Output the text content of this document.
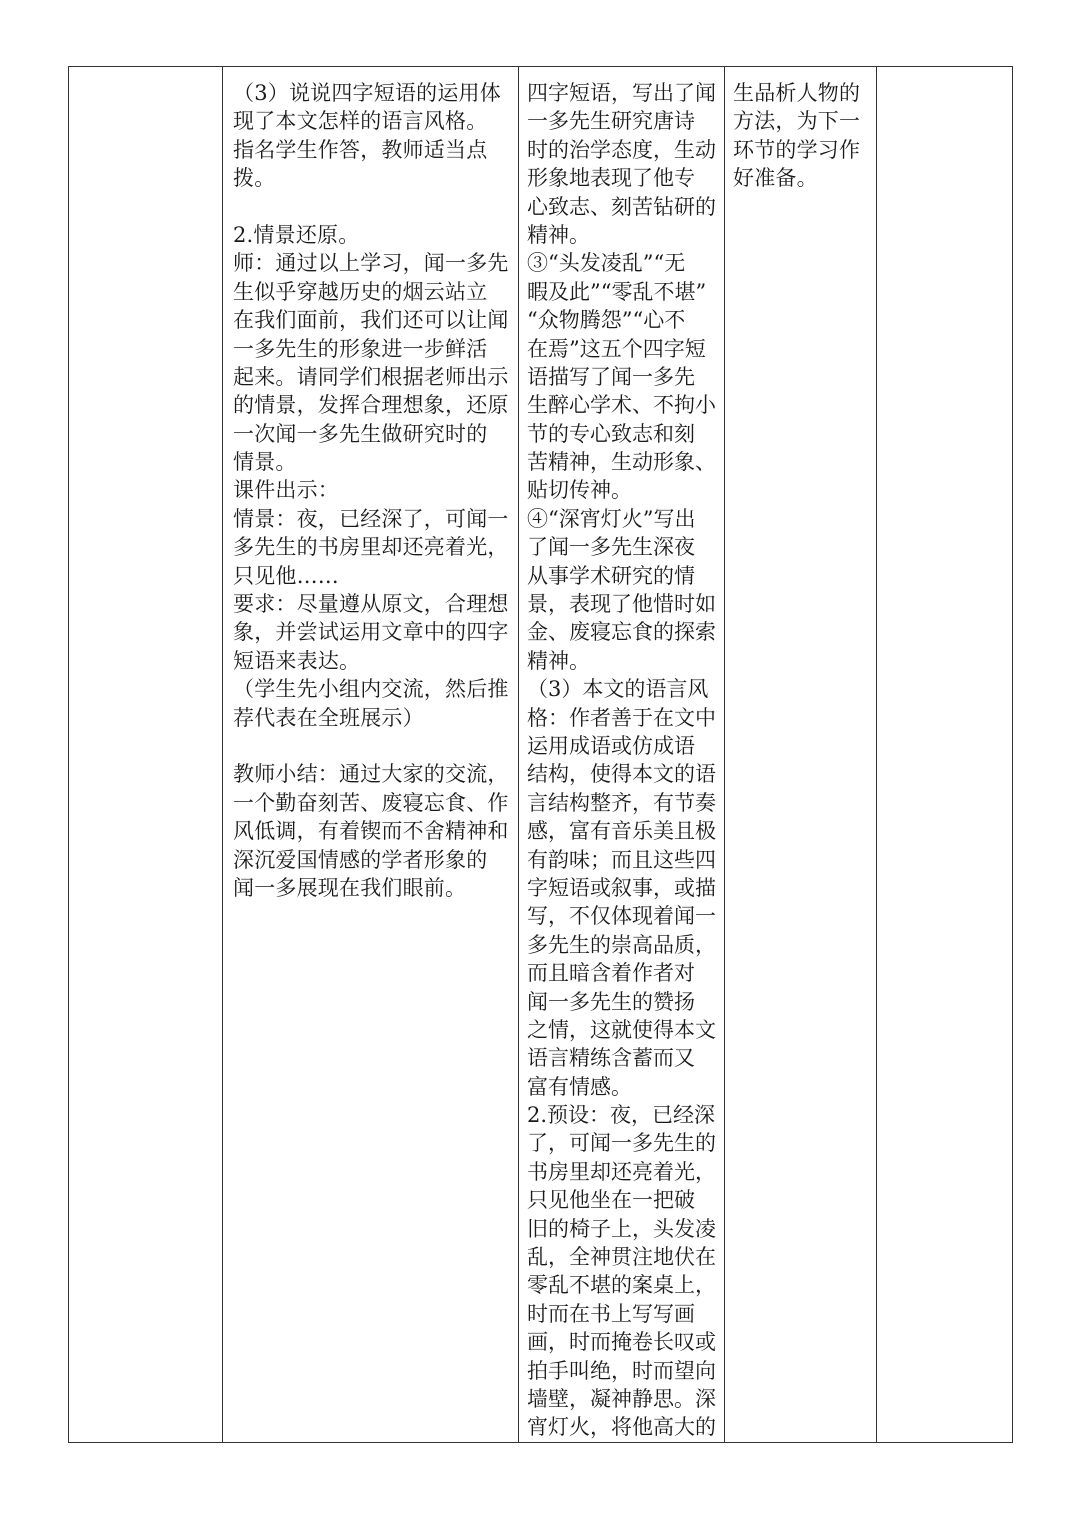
（3）说说四字短语的运用体
现了本文怎样的语言风格。
指名学生作答，教师适当点
拨。
2.情景还原。
师：通过以上学习，闻一多先
生似乎穿越历史的烟云站立
在我们面前，我们还可以让闻
一多先生的形象进一步鲜活
起来。请同学们根据老师出示
的情景，发挥合理想象，还原
一次闻一多先生做研究时的
情景。
课件出示：
情景：夜，已经深了，可闻一
多先生的书房里却还亮着光，
只见他……
要求：尽量遵从原文，合理想
象，并尝试运用文章中的四字
短语来表达。
（学生先小组内交流，然后推
荐代表在全班展示）
教师小结：通过大家的交流，
一个勤奋刻苦、废寝忘食、作
风低调，有着锲而不舍精神和
深沉爱国情感的学者形象的
闻一多展现在我们眼前。
四字短语，写出了闻
一多先生研究唐诗
时的治学态度，生动
形象地表现了他专
心致志、刻苦钻研的
精神。
③“头发凌乱”“无
暇及此”“零乱不堪”
“众物腾怨”“心不
在焉”这五个四字短
语描写了闻一多先
生醉心学术、不拘小
节的专心致志和刻
苦精神，生动形象、
贴切传神。
④“深宵灯火”写出
了闻一多先生深夜
从事学术研究的情
景，表现了他惜时如
金、废寝忘食的探索
精神。
（3）本文的语言风
格：作者善于在文中
运用成语或仿成语
结构，使得本文的语
言结构整齐，有节奏
感，富有音乐美且极
有韵味；而且这些四
字短语或叙事，或描
写，不仅体现着闻一
多先生的崇高品质，
而且暗含着作者对
闻一多先生的赞扬
之情，这就使得本文
语言精练含蓄而又
富有情感。
2.预设：夜，已经深
了，可闻一多先生的
书房里却还亮着光，
只见他坐在一把破
旧的椅子上，头发凌
乱，全神贯注地伏在
零乱不堪的案桌上，
时而在书上写写画
画，时而掩卷长叹或
拍手叫绝，时而望向
墙壁，凝神静思。深
宵灯火，将他高大的
生品析人物的
方法，为下一
环节的学习作
好准备。
